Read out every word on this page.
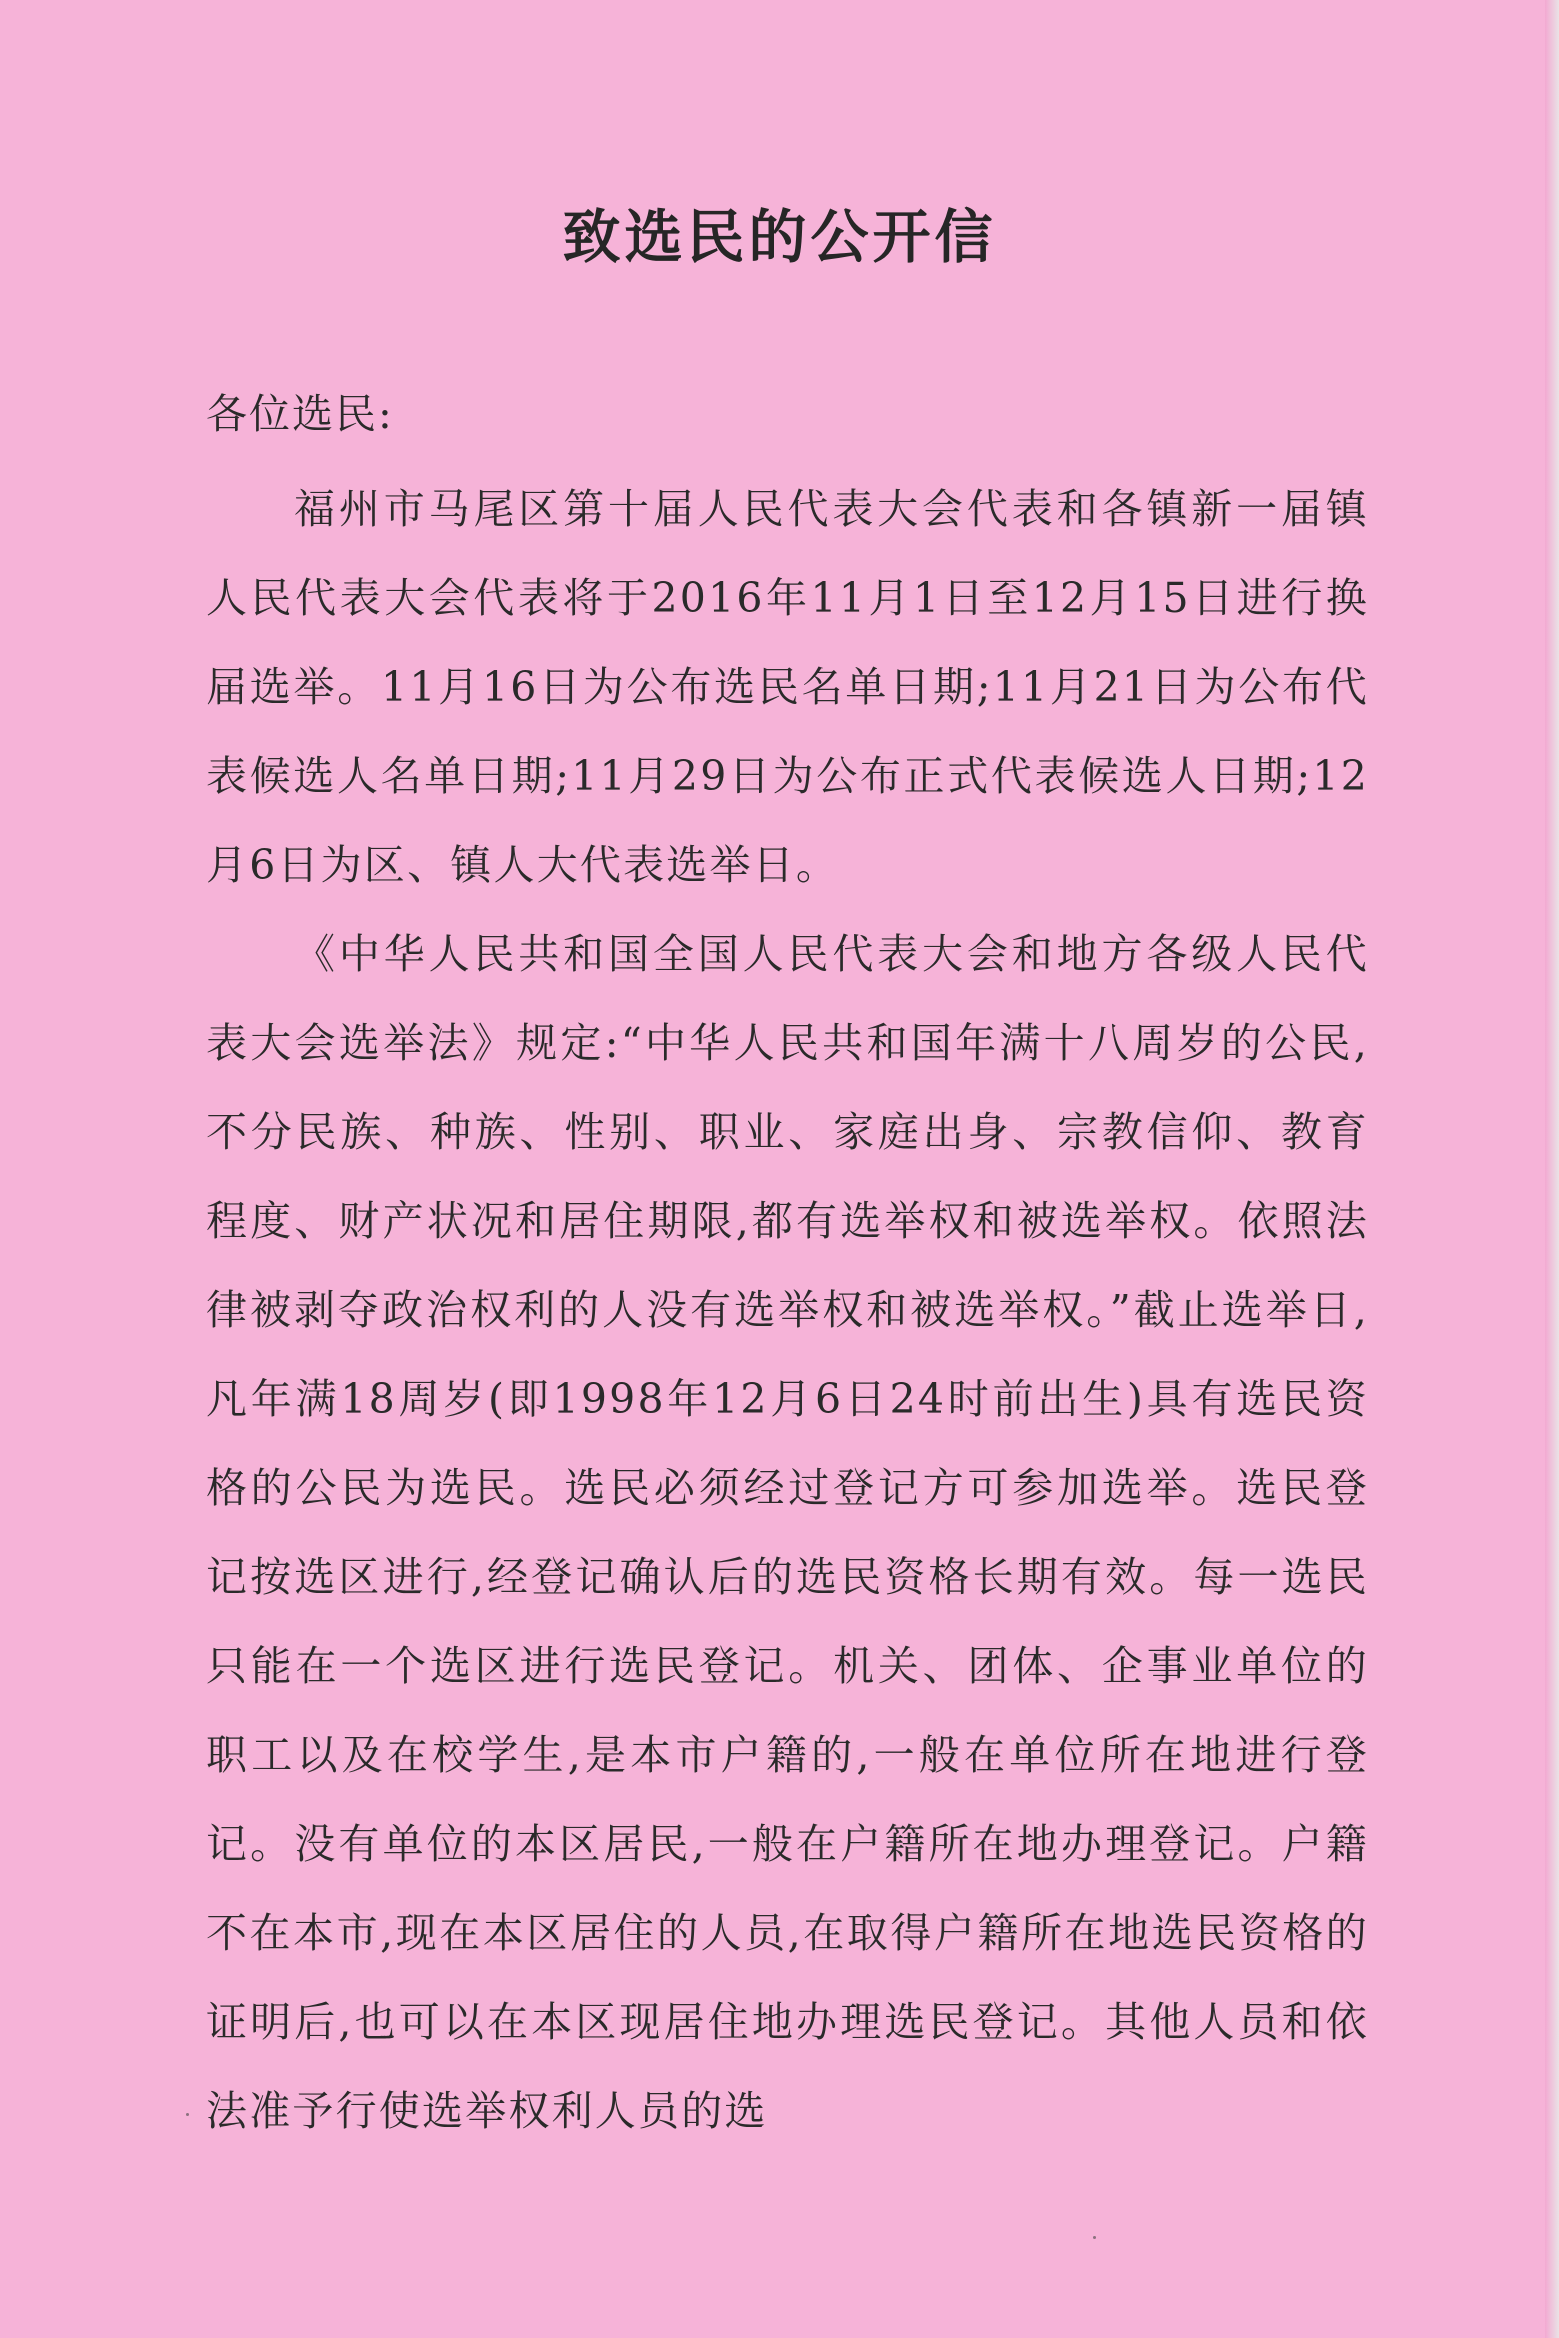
致选民的公开信
各位选民:

福州市马尾区第十届人民代表大会代表和各镇新一届镇人民代表大会代表将于2016年11月1日至12月15日进行换届选举。11月16日为公布选民名单日期;11月21日为公布代表候选人名单日期;11月29日为公布正式代表候选人日期;12月6日为区、镇人大代表选举日。

《中华人民共和国全国人民代表大会和地方各级人民代表大会选举法》规定:“中华人民共和国年满十八周岁的公民,不分民族、种族、性别、职业、家庭出身、宗教信仰、教育程度、财产状况和居住期限,都有选举权和被选举权。依照法律被剥夺政治权利的人没有选举权和被选举权。”截止选举日,凡年满18周岁(即1998年12月6日24时前出生)具有选民资格的公民为选民。选民必须经过登记方可参加选举。选民登记按选区进行,经登记确认后的选民资格长期有效。每一选民只能在一个选区进行选民登记。机关、团体、企事业单位的职工以及在校学生,是本市户籍的,一般在单位所在地进行登记。没有单位的本区居民,一般在户籍所在地办理登记。户籍不在本市,现在本区居住的人员,在取得户籍所在地选民资格的证明后,也可以在本区现居住地办理选民登记。其他人员和依法准予行使选举权利人员的选
